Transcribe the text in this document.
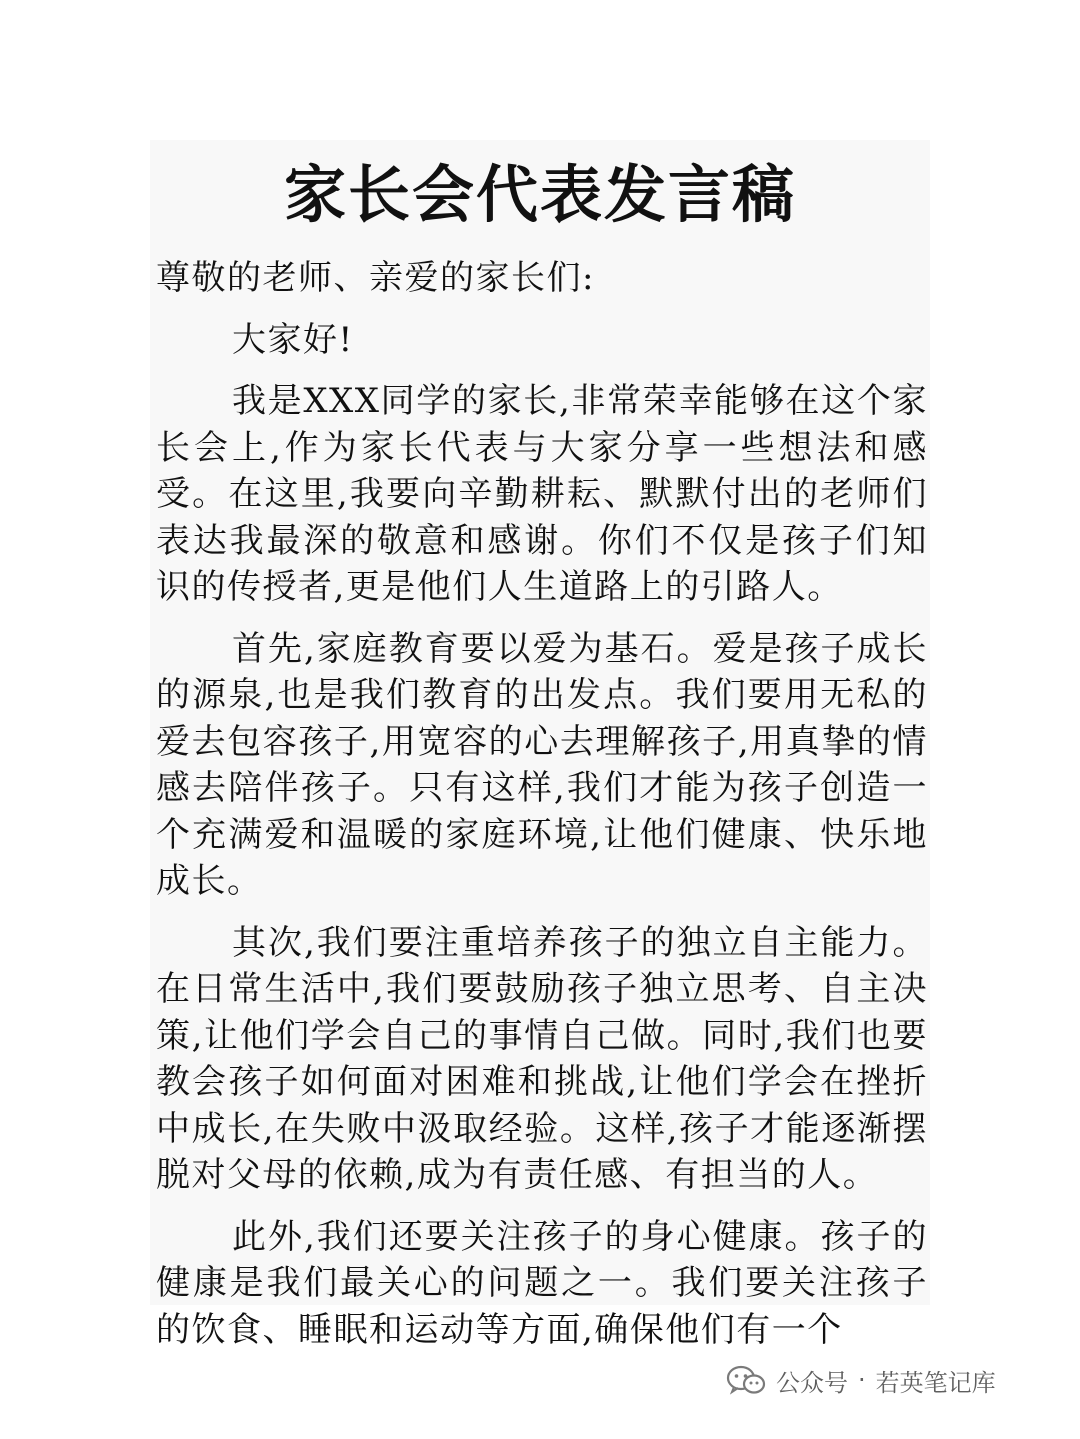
家长会代表发言稿

尊敬的老师、亲爱的家长们:

大家好!

我是XXX同学的家长,非常荣幸能够在这个家长会上,作为家长代表与大家分享一些想法和感受。在这里,我要向辛勤耕耘、默默付出的老师们表达我最深的敬意和感谢。你们不仅是孩子们知识的传授者,更是他们人生道路上的引路人。

首先,家庭教育要以爱为基石。爱是孩子成长的源泉,也是我们教育的出发点。我们要用无私的爱去包容孩子,用宽容的心去理解孩子,用真挚的情感去陪伴孩子。只有这样,我们才能为孩子创造一个充满爱和温暖的家庭环境,让他们健康、快乐地成长。

其次,我们要注重培养孩子的独立自主能力。在日常生活中,我们要鼓励孩子独立思考、自主决策,让他们学会自己的事情自己做。同时,我们也要教会孩子如何面对困难和挑战,让他们学会在挫折中成长,在失败中汲取经验。这样,孩子才能逐渐摆脱对父母的依赖,成为有责任感、有担当的人。

此外,我们还要关注孩子的身心健康。孩子的健康是我们最关心的问题之一。我们要关注孩子的饮食、睡眠和运动等方面,确保他们有一个

公众号 · 若英笔记库
